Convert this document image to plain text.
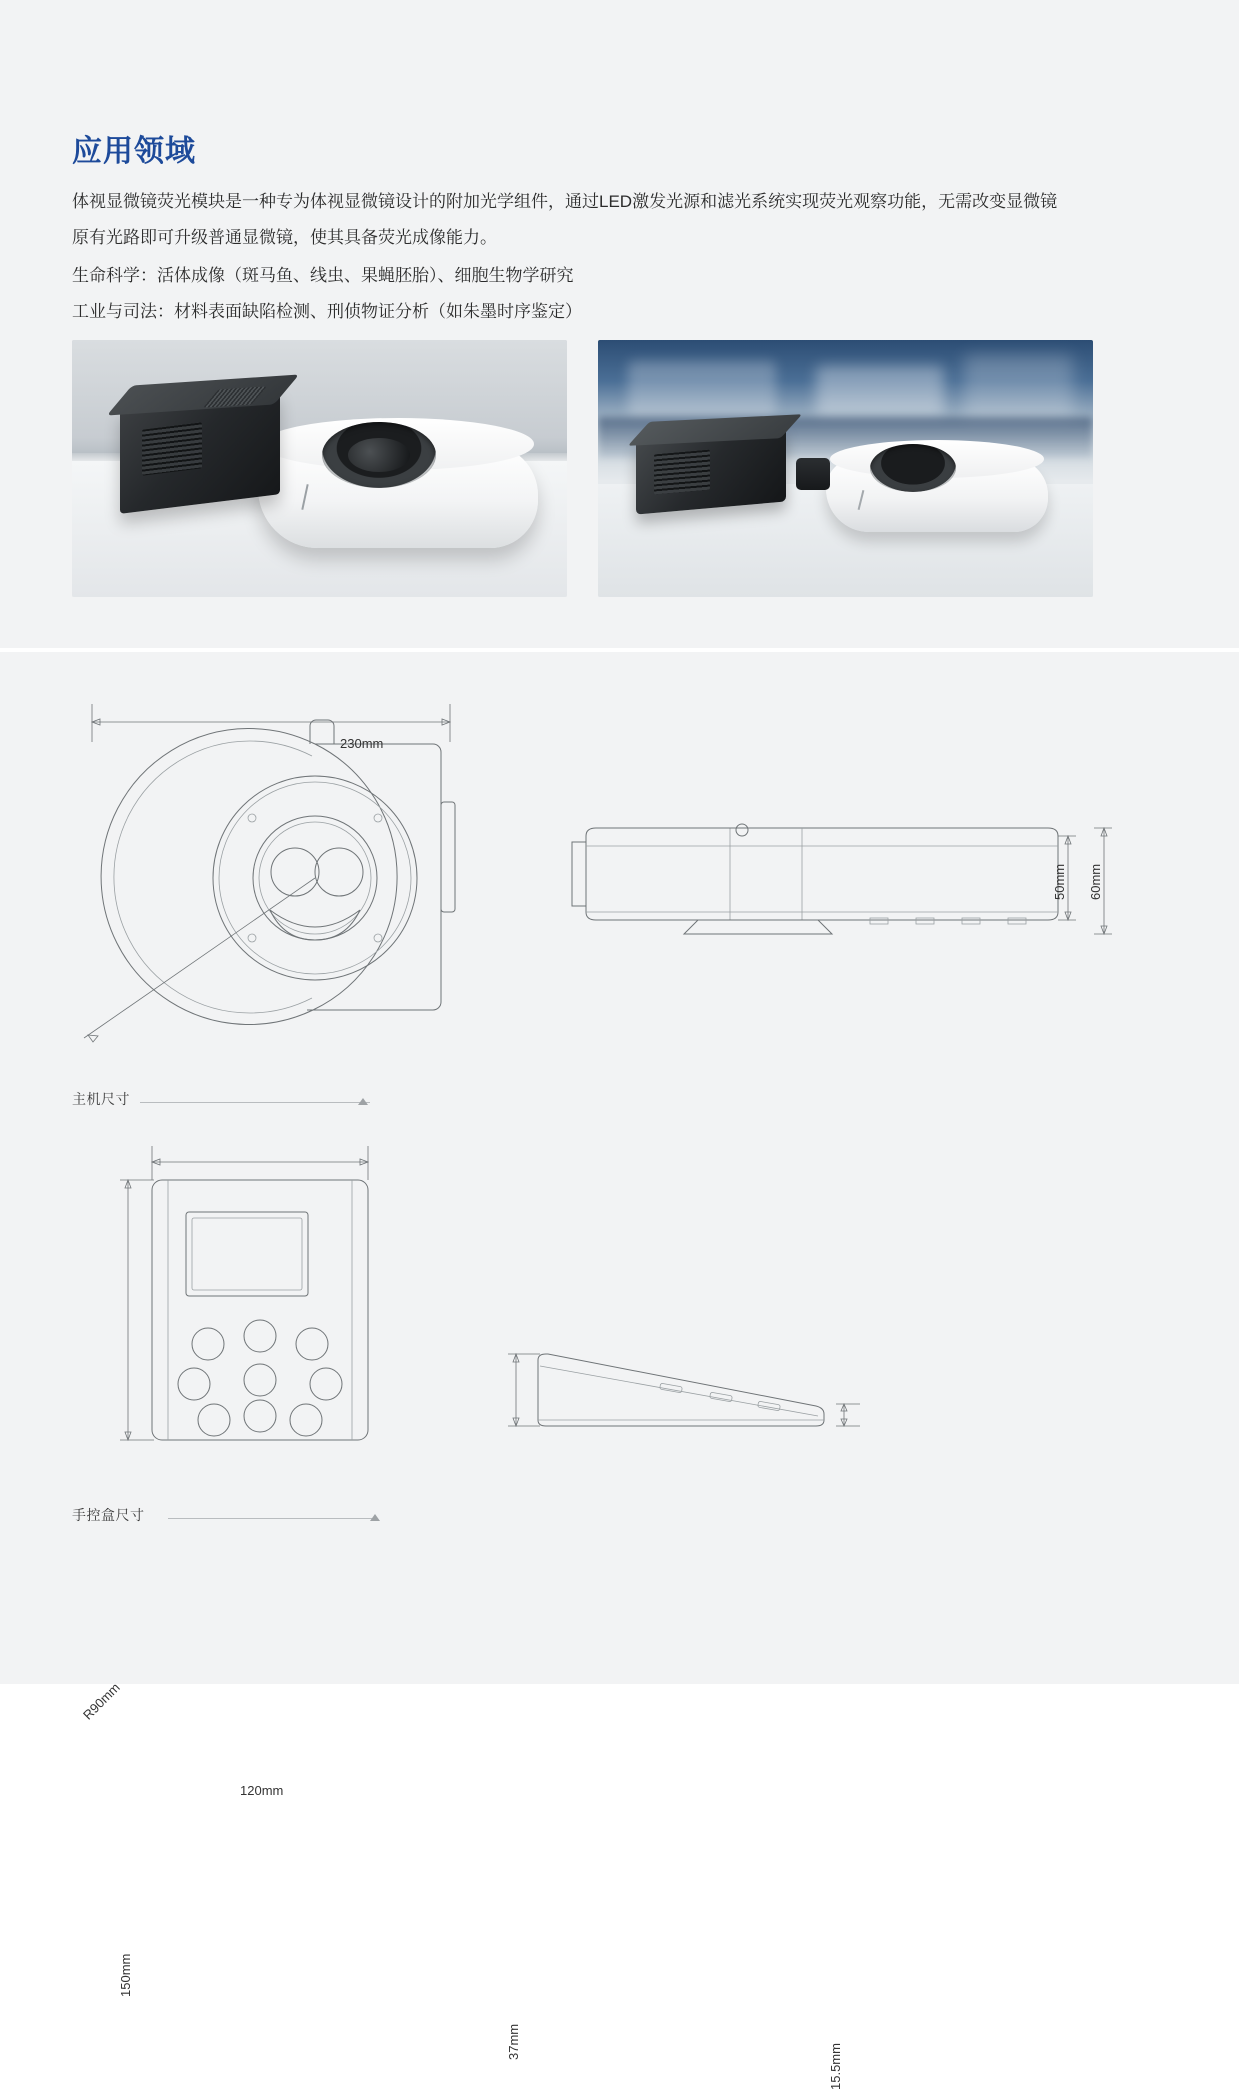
应用领域

体视显微镜荧光模块是一种专为体视显微镜设计的附加光学组件，通过LED激发光源和滤光系统实现荧光观察功能，无需改变显微镜原有光路即可升级普通显微镜，使其具备荧光成像能力。

生命科学：活体成像（斑马鱼、线虫、果蝇胚胎）、细胞生物学研究

工业与司法：材料表面缺陷检测、刑侦物证分析（如朱墨时序鉴定）

230mm
R90mm
50mm 60mm
主机尺寸
120mm
150mm
37mm
15.5mm
手控盒尺寸
